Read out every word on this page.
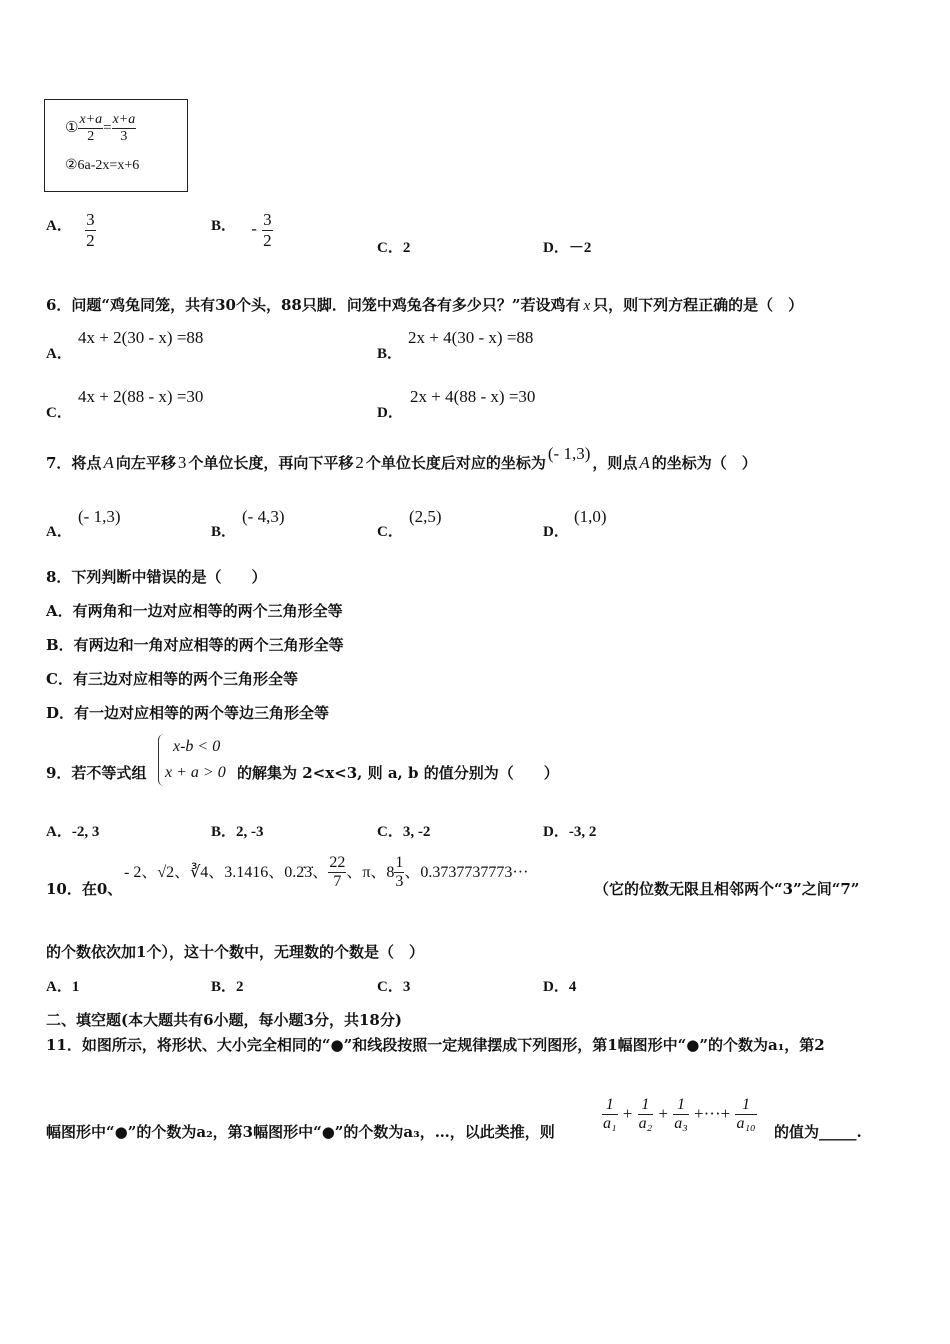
① $\frac{x+a}{2} = \frac{x+a}{3}$
②6a-2x=x+6
A． $\frac{3}{2}$	B． - $\frac{3}{2}$	C．2	D．－2
6．问题“鸡兔同笼，共有30个头，88只脚．问笼中鸡兔各有多少只？”若设鸡有 x 只，则下列方程正确的是（　）
A．
4x + 2(30 - x) =88
B．
2x + 4(30 - x) =88
C．
4x + 2(88 - x) =30
D．
2x + 4(88 - x) =30
7．将点 A 向左平移 3 个单位长度，再向下平移 2 个单位长度后对应的坐标为 (- 1,3) ，则点 A 的坐标为（　）
A．
(- 1,3)
B．
(- 4,3)
C．
(2,5)
D．
(1,0)
8．下列判断中错误的是（　　）
A．有两角和一边对应相等的两个三角形全等
B．有两边和一角对应相等的两个三角形全等
C．有三边对应相等的两个三角形全等
D．有一边对应相等的两个等边三角形全等
9．若不等式组
x-b < 0
x + a > 0 的解集为 2<x<3, 则 a, b 的值分别为（　　）
A．-2, 3	B．2, -3	C．3, -2	D．-3, 2
10．在0、
- 2、√2、∛4、3.1416、0.2̇3̇、 $\frac{22}{7}$ 、π、$8 \frac{1}{3}$ 、0.3737737773···
（它的位数无限且相邻两个“3”之间“7”
的个数依次加1个），这十个数中，无理数的个数是（　）
A．1	B．2	C．3	D．4
二、填空题(本大题共有6小题，每小题3分，共18分)
11．如图所示，将形状、大小完全相同的“●”和线段按照一定规律摆成下列图形，第1幅图形中“●”的个数为a₁，第2
幅图形中“●”的个数为a₂，第3幅图形中“●”的个数为a₃，…，以此类推，则	$\frac{1}{\text{a₁}} + \frac{1}{\text{a₂}} + \frac{1}{\text{a₃}}$ +···+ $\frac{1}{\text{a₁₀}}$ 的值为_____.
